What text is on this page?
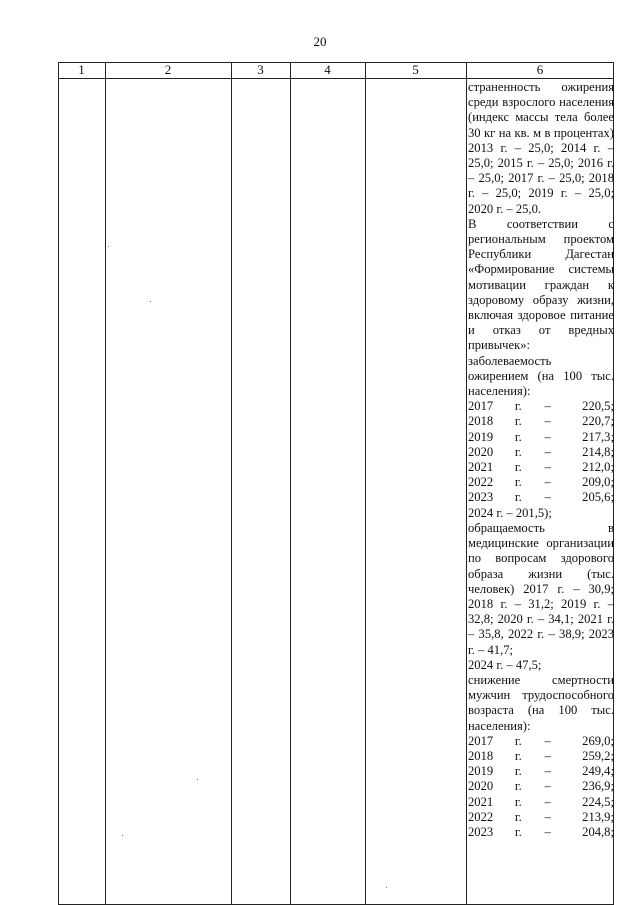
20
1	2	3	4	5	6

страненность ожирения среди взрослого населения (индекс массы тела более 30 кг на кв. м в процентах) 2013 г. – 25,0; 2014 г. – 25,0; 2015 г. – 25,0; 2016 г. – 25,0; 2017 г. – 25,0; 2018 г. – 25,0; 2019 г. – 25,0; 2020 г. – 25,0.

В соответствии с региональным проектом Республики Дагестан «Формирование системы мотивации граждан к здоровому образу жизни, включая здоровое питание и отказ от вредных привычек»:

заболеваемость ожирением (на 100 тыс. населения):

2017	г.	–	220,5;
2018	г.	–	220,7;
2019	г.	–	217,3;
2020	г.	–	214,8;
2021	г.	–	212,0;
2022	г.	–	209,0;
2023	г.	–	205,6;

2024 г. – 201,5);

обращаемость в медицинские организации по вопросам здорового образа жизни (тыс. человек) 2017 г. – 30,9; 2018 г. – 31,2; 2019 г. – 32,8; 2020 г. – 34,1; 2021 г. – 35,8, 2022 г. – 38,9; 2023 г. – 41,7;

2024 г. – 47,5;

снижение смертности мужчин трудоспособного возраста (на 100 тыс. населения):

2017	г.	–	269,0;
2018	г.	–	259,2;
2019	г.	–	249,4;
2020	г.	–	236,9;
2021	г.	–	224,5;
2022	г.	–	213,9;
2023	г.	–	204,8;
